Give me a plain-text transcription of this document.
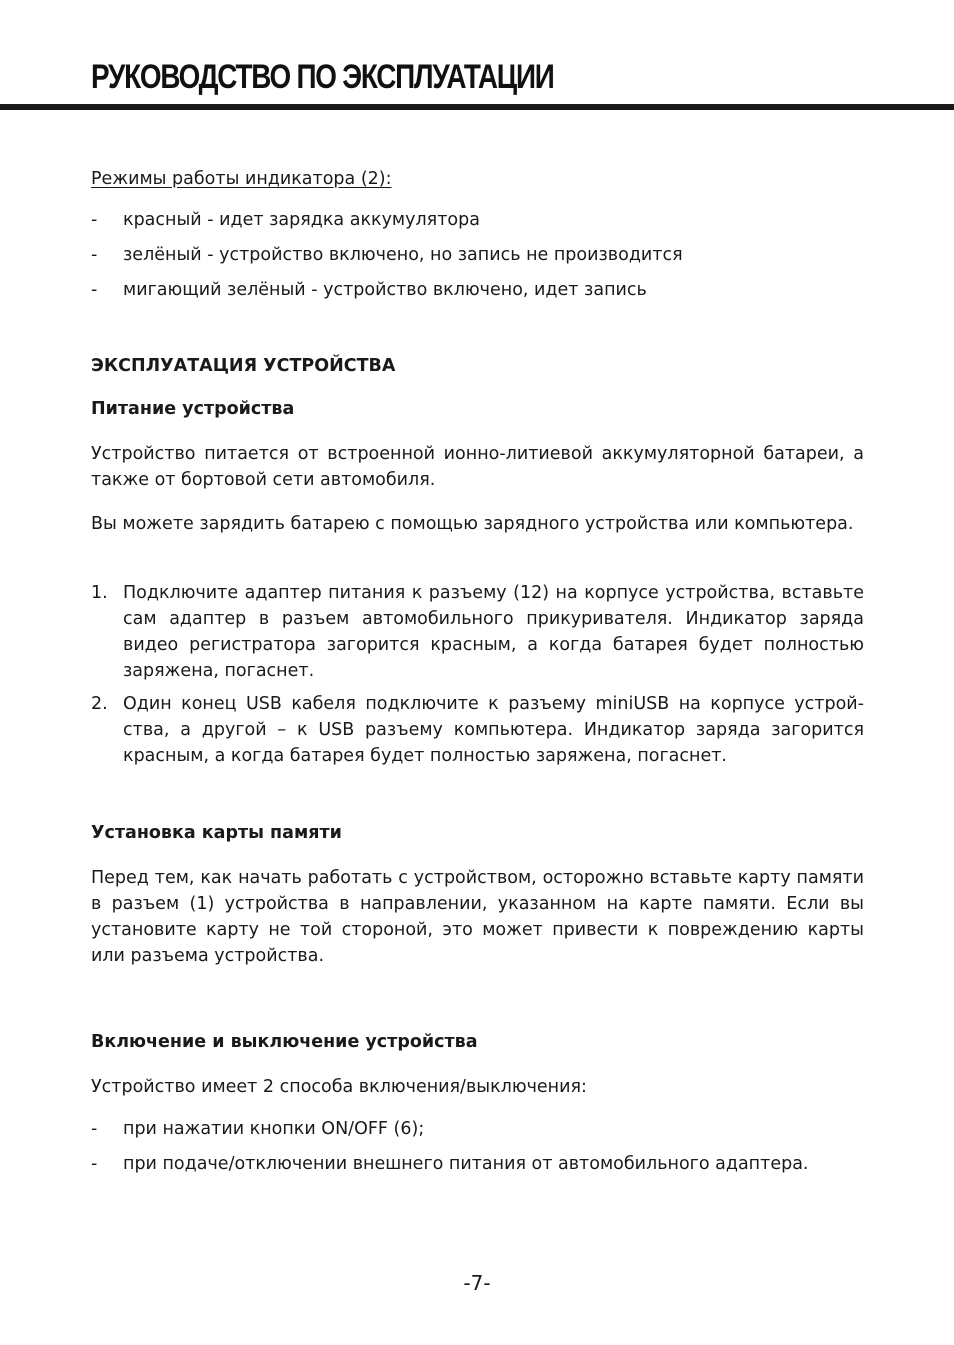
РУКОВОДСТВО ПО ЭКСПЛУАТАЦИИ

Режимы работы индикатора (2):

- красный - идет зарядка аккумулятора
- зелёный - устройство включено, но запись не производится
- мигающий зелёный - устройство включено, идет запись
ЭКСПЛУАТАЦИЯ УСТРОЙСТВА
Питание устройства

Устройство питается от встроенной ионно-литиевой аккумуляторной батареи, а также от бортовой сети автомобиля.

Вы можете зарядить батарею с помощью зарядного устройства или компьютера.

1. Подключите адаптер питания к разъему (12) на корпусе устройства, вставьте сам адаптер в разъем автомобильного прикуривателя. Индикатор заряда видео регистратора загорится красным, а когда батарея будет полностью заряжена, погаснет.
2. Один конец USB кабеля подключите к разъему miniUSB на корпусе устройства, а другой – к USB разъему компьютера. Индикатор заряда загорится красным, а когда батарея будет полностью заряжена, погаснет.
Установка карты памяти

Перед тем, как начать работать с устройством, осторожно вставьте карту памяти в разъем (1) устройства в направлении, указанном на карте памяти. Если вы установите карту не той стороной, это может привести к повреждению карты или разъема устройства.

Включение и выключение устройства

Устройство имеет 2 способа включения/выключения:

- при нажатии кнопки ON/OFF (6);
- при подаче/отключении внешнего питания от автомобильного адаптера.
-7-
